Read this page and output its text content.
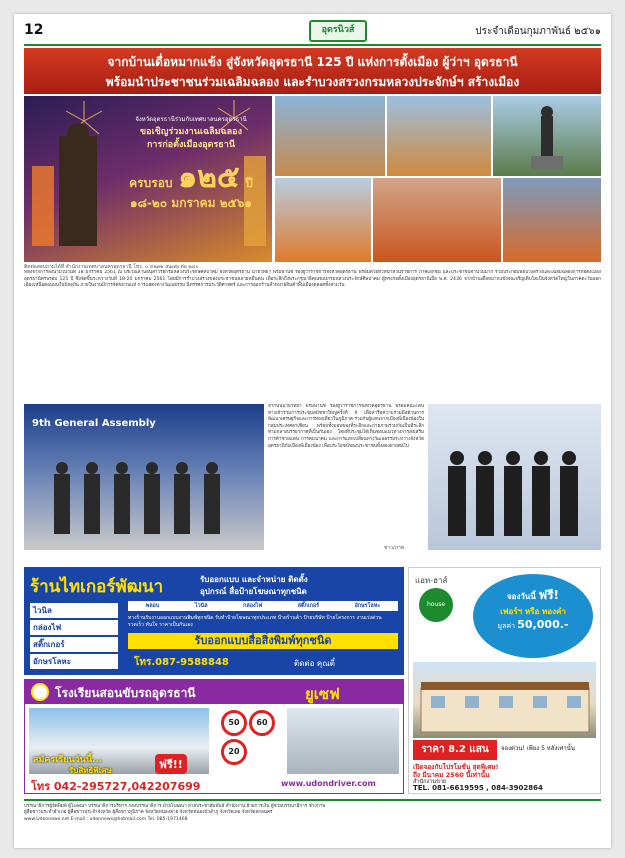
12	อุดรนิวส์	ประจำเดือนกุมภาพันธ์ ๒๕๖๑
จากบ้านเดื่อหมากแข้ง สู่จังหวัดอุดรธานี 125 ปี แห่งการตั้งเมือง ผู้ว่าฯ อุดรธานี
พร้อมนำประชาชนร่วมเฉลิมฉลอง และรำบวงสรวงกรมหลวงประจักษ์ฯ สร้างเมือง
จังหวัดอุดรธานีร่วมกับเทศบาลนครอุดรธานี
ขอเชิญร่วมงานเฉลิมฉลอง
การก่อตั้งเมืองอุดรธานี
ครบรอบ ๑๒๕ ปี
๑๘-๒๐ มกราคม ๒๕๖๑
ติดต่อสอบถามได้ที่ สำนักงานเทศบาลนครอุดรธานี โทร. ๐ ๔๒๓๒ ๕๑๗๖ ต่อ ๒๔๐
หลังจากการลงนามในวันที่ 18 มกราคม 2561 ณ บริเวณลานอนุสาวรีย์กรมหลวงประจักษ์ศิลปาคม จังหวัดอุดรธานี นายวิทยา พรมพานิช รองผู้ว่าราชการจังหวัดอุดรธานี พร้อมด้วยหัวหน้าส่วนราชการ ภาคเอกชน และประชาชนจำนวนมาก ร่วมประกอบพิธีบวงสรวงและเฉลิมฉลองการก่อตั้งเมืองอุดรธานีครบรอบ 125 ปี ซึ่งจัดขึ้นระหว่างวันที่ 18-20 มกราคม 2561 โดยมีการรำบวงสรวงของประชาชนหลายหมื่นคน เพื่อระลึกถึงพระกรุณาธิคุณของกรมหลวงประจักษ์ศิลปาคม ผู้ทรงก่อตั้งเมืองอุดรธานีเมื่อ พ.ศ. 2436 จากบ้านเดื่อหมากแข้งจนเจริญเติบโตเป็นจังหวัดใหญ่ในภาคตะวันออกเฉียงเหนือตอนบนในปัจจุบัน ภายในงานมีการจัดขบวนแห่ การแสดงทางวัฒนธรรม นิทรรศการประวัติศาสตร์ และการออกร้านจำหน่ายสินค้าพื้นเมืองตลอดทั้งสามวัน
9th General Assembly
จากนั้นนายวิทยา พรมพานิช รองผู้ว่าราชการจังหวัดอุดรธานี พร้อมคณะเดินทางเข้าร่วมการประชุมสมัชชาใหญ่ครั้งที่ 9 เพื่อหารือความร่วมมือด้านการพัฒนาเศรษฐกิจและการท่องเที่ยวในภูมิภาค ร่วมกับผู้แทนจากเมืองพี่เมืองน้องในกลุ่มประเทศอาเซียน พร้อมทั้งมอบของที่ระลึกและถ่ายภาพร่วมกันเป็นที่ระลึก ท่ามกลางบรรยากาศที่เป็นกันเอง โดยที่ประชุมได้เห็นชอบแนวทางการส่งเสริมการค้าชายแดน การคมนาคม และการแลกเปลี่ยนทางวัฒนธรรมระหว่างจังหวัดอุดรธานีกับเมืองพี่เมืองน้อง เพื่อประโยชน์ของประชาชนทั้งสองฝ่ายต่อไป
ข่าว/ภาพ
ร้านไทเกอร์พัฒนา	รับออกแบบ และจำหน่าย ติดตั้ง
อุปกรณ์ สื่อป้ายโฆษณาทุกชนิด
พลอบ	ไวนิล	กล่องไฟ	สติ๊กเกอร์	อักษรโลหะ
ไวนิล
กล่องไฟ
สติ๊กเกอร์
อักษรโลหะ
ทางร้านรับงานออกแบบงานพิมพ์ทุกชนิด รับทำป้ายโฆษณาทุกประเภท ป้ายร้านค้า ป้ายบริษัท ป้ายโครงการ งานเร่งด่วน รวดเร็ว ทันใจ ราคาเป็นกันเอง
รับออกแบบสื่อสิ่งพิมพ์ทุกชนิด
โทร.087-9588848	ติดต่อ คุณตี๋
โรงเรียนสอนขับรถอุดรธานี	ยูเซฟ
สมัครเรียนวันนี้...
รับสิทธิพิเศษ	ฟรี!!
50	60
20
โทร 042-295727,042207699	www.udondriver.com
แอท-ฮาส์
house
จองวันนี้ ฟรี!
เฟอร์ฯ หรือ ทองคำ
มูลค่า 50,000.-
ราคา 8.2 แสน	จองด่วน! เพียง 5 หลังเท่านั้น
เปิดจองกับโปรโมชั่น สุดพิเศษ!
ถึง มีนาคม 2560 นี้เท่านั้น
สำนักงานขาย
TEL. 081-6619595 , 084-3902864
บรรณาธิการผู้จัดพิมพ์ ผู้โฆษณา บรรณาธิการบริหาร กองบรรณาธิการ ฝ่ายโฆษณา ฝ่ายประชาสัมพันธ์ สำนักงาน ฝ่ายการเงิน ผู้ช่วยบรรณาธิการ ช่างภาพ
ผู้สื่อข่าวประจำอำเภอ ผู้สื่อข่าวประจำจังหวัด ผู้สื่อข่าวภูมิภาค จังหวัดหนองคาย จังหวัดหนองบัวลำภู จังหวัดเลย จังหวัดสกลนคร
www.Udonnews.net E-mail : udonnews@hotmail.com Tel. 085-1971468
